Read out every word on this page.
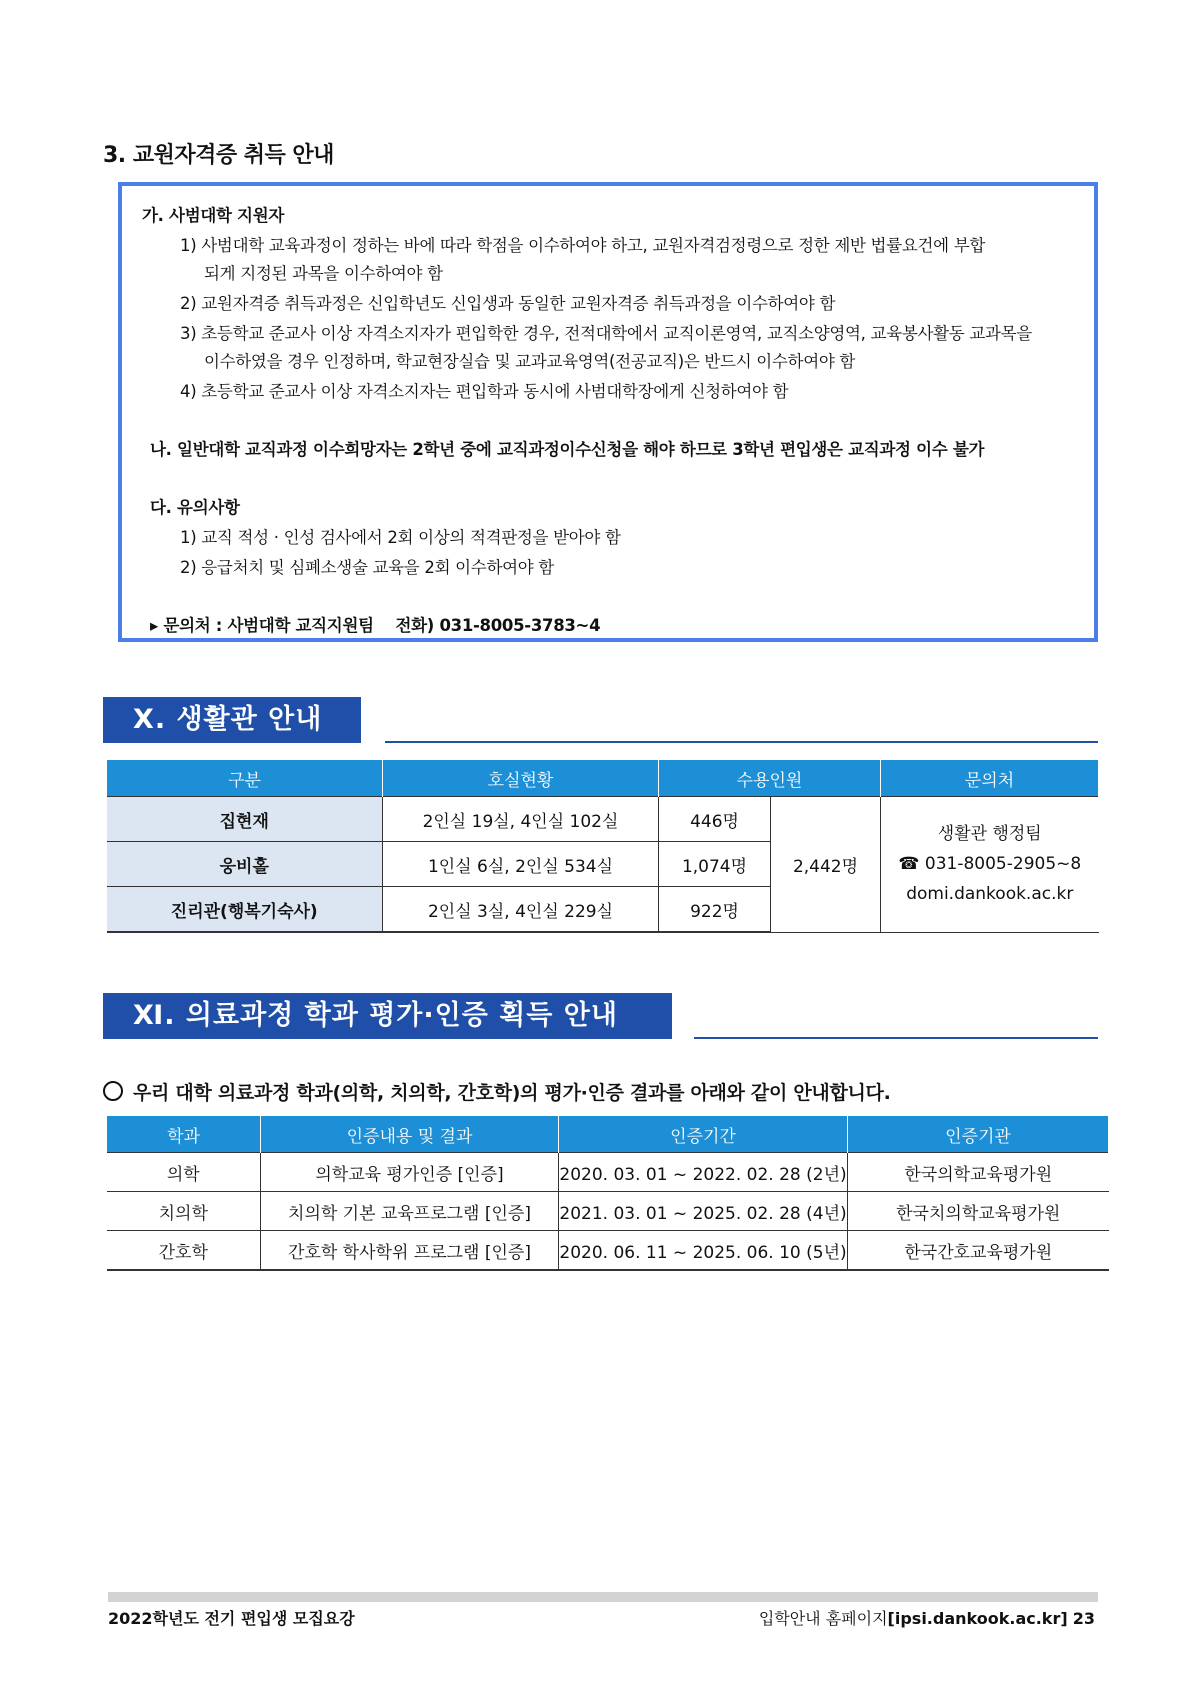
3. 교원자격증 취득 안내
가. 사범대학 지원자
1) 사범대학 교육과정이 정하는 바에 따라 학점을 이수하여야 하고, 교원자격검정령으로 정한 제반 법률요건에 부합
되게 지정된 과목을 이수하여야 함
2) 교원자격증 취득과정은 신입학년도 신입생과 동일한 교원자격증 취득과정을 이수하여야 함
3) 초등학교 준교사 이상 자격소지자가 편입학한 경우, 전적대학에서 교직이론영역, 교직소양영역, 교육봉사활동 교과목을
이수하였을 경우 인정하며, 학교현장실습 및 교과교육영역(전공교직)은 반드시 이수하여야 함
4) 초등학교 준교사 이상 자격소지자는 편입학과 동시에 사범대학장에게 신청하여야 함
나. 일반대학 교직과정 이수희망자는 2학년 중에 교직과정이수신청을 해야 하므로 3학년 편입생은 교직과정 이수 불가
다. 유의사항
1) 교직 적성 · 인성 검사에서 2회 이상의 적격판정을 받아야 함
2) 응급처치 및 심폐소생술 교육을 2회 이수하여야 함
▸ 문의처 : 사범대학 교직지원팀    전화) 031-8005-3783~4
Ⅹ. 생활관 안내
구분	호실현황	수용인원		문의처
집현재	2인실 19실, 4인실 102실	446명	2,442명	생활관 행정팀
☎ 031-8005-2905~8
domi.dankook.ac.kr

웅비홀	1인실 6실, 2인실 534실	1,074명		
진리관(행복기숙사)	2인실 3실, 4인실 229실	922명		
Ⅺ. 의료과정 학과 평가·인증 획득 안내
우리 대학 의료과정 학과(의학, 치의학, 간호학)의 평가·인증 결과를 아래와 같이 안내합니다.
학과	인증내용 및 결과	인증기간	인증기관
의학	의학교육 평가인증 [인증]	2020. 03. 01 ~ 2022. 02. 28 (2년)	한국의학교육평가원
치의학	치의학 기본 교육프로그램 [인증]	2021. 03. 01 ~ 2025. 02. 28 (4년)	한국치의학교육평가원
간호학	간호학 학사학위 프로그램 [인증]	2020. 06. 11 ~ 2025. 06. 10 (5년)	한국간호교육평가원
2022학년도 전기 편입생 모집요강	입학안내 홈페이지[ipsi.dankook.ac.kr] 23
